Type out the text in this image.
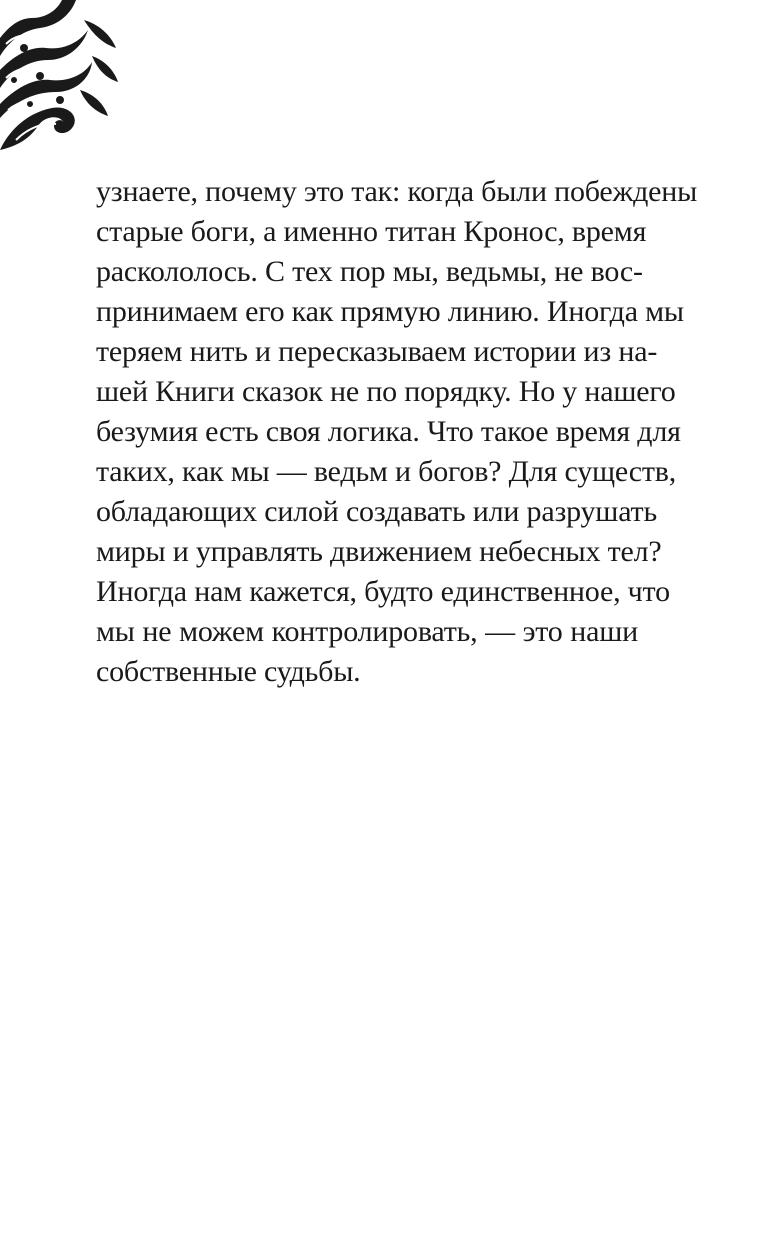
узнаете, почему это так: когда были побеждены
старые боги, а именно титан Кронос, время
раскололось. С тех пор мы, ведьмы, не вос-
принимаем его как прямую линию. Иногда мы
теряем нить и пересказываем истории из на-
шей Книги сказок не по порядку. Но у нашего
безумия есть своя логика. Что такое время для
таких, как мы — ведьм и богов? Для существ,
обладающих силой создавать или разрушать
миры и управлять движением небесных тел?
Иногда нам кажется, будто единственное, что
мы не можем контролировать, — это наши
собственные судьбы.
